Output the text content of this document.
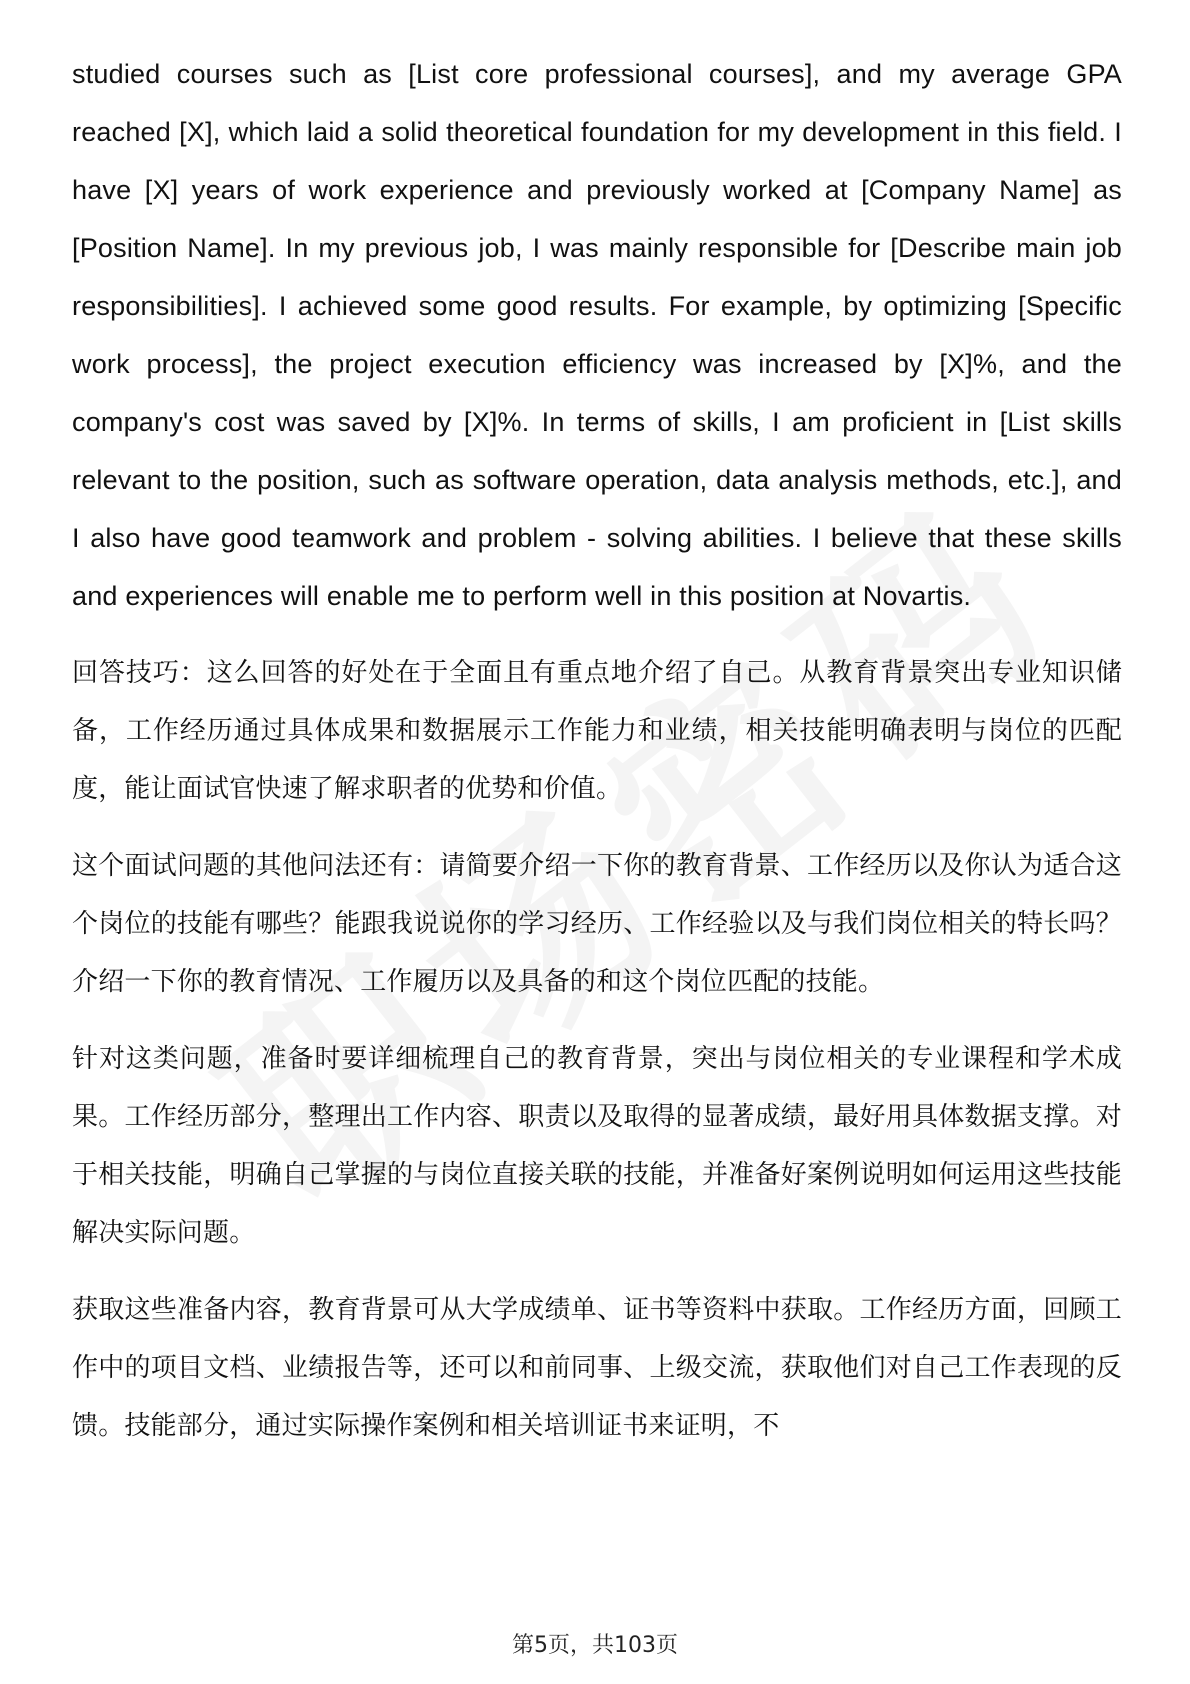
studied courses such as [List core professional courses], and my average GPA reached [X], which laid a solid theoretical foundation for my development in this field. I have [X] years of work experience and previously worked at [Company Name] as [Position Name]. In my previous job, I was mainly responsible for [Describe main job responsibilities]. I achieved some good results. For example, by optimizing [Specific work process], the project execution efficiency was increased by [X]%, and the company's cost was saved by [X]%. In terms of skills, I am proficient in [List skills relevant to the position, such as software operation, data analysis methods, etc.], and I also have good teamwork and problem - solving abilities. I believe that these skills and experiences will enable me to perform well in this position at Novartis.

回答技巧：这么回答的好处在于全面且有重点地介绍了自己。从教育背景突出专业知识储备，工作经历通过具体成果和数据展示工作能力和业绩，相关技能明确表明与岗位的匹配度，能让面试官快速了解求职者的优势和价值。

这个面试问题的其他问法还有：请简要介绍一下你的教育背景、工作经历以及你认为适合这个岗位的技能有哪些？能跟我说说你的学习经历、工作经验以及与我们岗位相关的特长吗？介绍一下你的教育情况、工作履历以及具备的和这个岗位匹配的技能。

针对这类问题，准备时要详细梳理自己的教育背景，突出与岗位相关的专业课程和学术成果。工作经历部分，整理出工作内容、职责以及取得的显著成绩，最好用具体数据支撑。对于相关技能，明确自己掌握的与岗位直接关联的技能，并准备好案例说明如何运用这些技能解决实际问题。

获取这些准备内容，教育背景可从大学成绩单、证书等资料中获取。工作经历方面，回顾工作中的项目文档、业绩报告等，还可以和前同事、上级交流，获取他们对自己工作表现的反馈。技能部分，通过实际操作案例和相关培训证书来证明，不

第5页，共103页
